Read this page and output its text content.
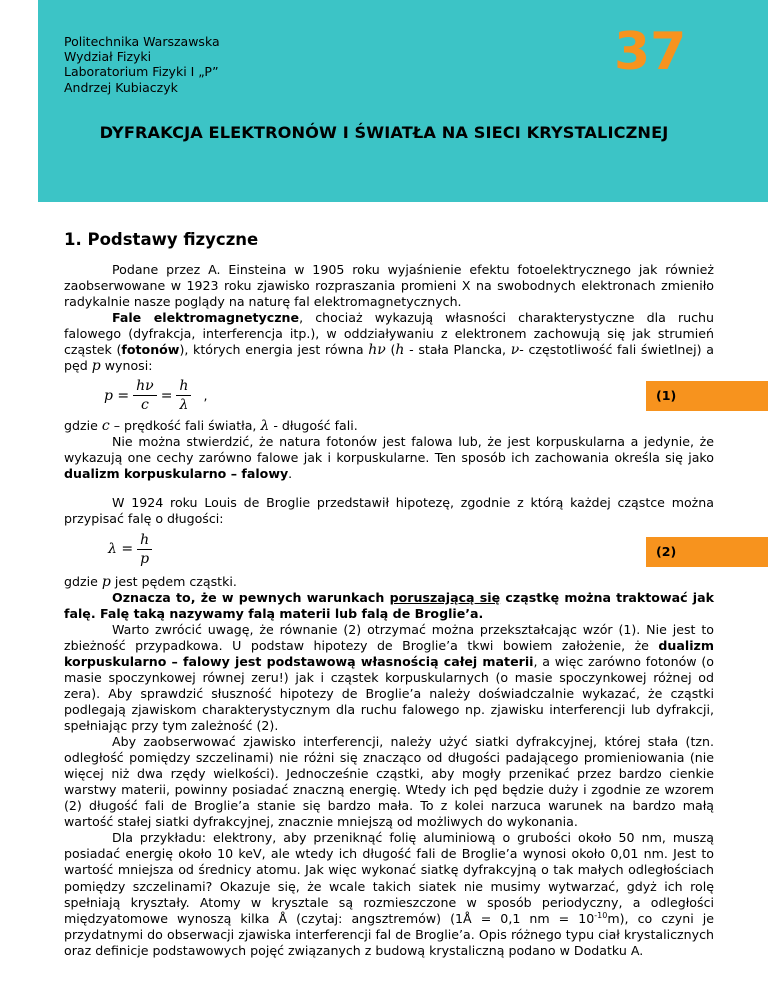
Politechnika Warszawska
Wydział Fizyki
Laboratorium Fizyki I „P”
Andrzej Kubiaczyk
37
DYFRAKCJA ELEKTRONÓW I ŚWIATŁA NA SIECI KRYSTALICZNEJ
1. Podstawy fizyczne

Podane przez A. Einsteina w 1905 roku wyjaśnienie efektu fotoelektrycznego jak również zaobserwowane w 1923 roku zjawisko rozpraszania promieni X na swobodnych elektronach zmieniło radykalnie nasze poglądy na naturę fal elektromagnetycznych.

Fale elektromagnetyczne, chociaż wykazują własności charakterystyczne dla ruchu falowego (dyfrakcja, interferencja itp.), w oddziaływaniu z elektronem zachowują się jak strumień cząstek (fotonów), których energia jest równa hν (h - stała Plancka, ν- częstotliwość fali świetlnej) a pęd p wynosi:

$p = \frac{h\nu}{c} = \frac{h}{\lambda}$ ,	(1)

gdzie c – prędkość fali światła, λ - długość fali.

Nie można stwierdzić, że natura fotonów jest falowa lub, że jest korpuskularna a jedynie, że wykazują one cechy zarówno falowe jak i korpuskularne. Ten sposób ich zachowania określa się jako dualizm korpuskularno – falowy.

W 1924 roku Louis de Broglie przedstawił hipotezę, zgodnie z którą każdej cząstce można przypisać falę o długości:

$\lambda = \frac{h}{p}$	(2)

gdzie p jest pędem cząstki.

Oznacza to, że w pewnych warunkach poruszającą się cząstkę można traktować jak falę. Falę taką nazywamy falą materii lub falą de Broglie’a.

Warto zwrócić uwagę, że równanie (2) otrzymać można przekształcając wzór (1). Nie jest to zbieżność przypadkowa. U podstaw hipotezy de Broglie’a tkwi bowiem założenie, że dualizm korpuskularno – falowy jest podstawową własnością całej materii, a więc zarówno fotonów (o masie spoczynkowej równej zeru!) jak i cząstek korpuskularnych (o masie spoczynkowej różnej od zera). Aby sprawdzić słuszność hipotezy de Broglie’a należy doświadczalnie wykazać, że cząstki podlegają zjawiskom charakterystycznym dla ruchu falowego np. zjawisku interferencji lub dyfrakcji, spełniając przy tym zależność (2).

Aby zaobserwować zjawisko interferencji, należy użyć siatki dyfrakcyjnej, której stała (tzn. odległość pomiędzy szczelinami) nie różni się znacząco od długości padającego promieniowania (nie więcej niż dwa rzędy wielkości). Jednocześnie cząstki, aby mogły przenikać przez bardzo cienkie warstwy materii, powinny posiadać znaczną energię. Wtedy ich pęd będzie duży i zgodnie ze wzorem (2) długość fali de Broglie’a stanie się bardzo mała. To z kolei narzuca warunek na bardzo małą wartość stałej siatki dyfrakcyjnej, znacznie mniejszą od możliwych do wykonania.

Dla przykładu: elektrony, aby przeniknąć folię aluminiową o grubości około 50 nm, muszą posiadać energię około 10 keV, ale wtedy ich długość fali de Broglie’a wynosi około 0,01 nm. Jest to wartość mniejsza od średnicy atomu. Jak więc wykonać siatkę dyfrakcyjną o tak małych odległościach pomiędzy szczelinami? Okazuje się, że wcale takich siatek nie musimy wytwarzać, gdyż ich rolę spełniają kryształy. Atomy w krysztale są rozmieszczone w sposób periodyczny, a odległości międzyatomowe wynoszą kilka Å (czytaj: angsztremów) (1Å = 0,1 nm = $10^{-10}m$), co czyni je przydatnymi do obserwacji zjawiska interferencji fal de Broglie’a. Opis różnego typu ciał krystalicznych oraz definicje podstawowych pojęć związanych z budową krystaliczną podano w Dodatku A.
